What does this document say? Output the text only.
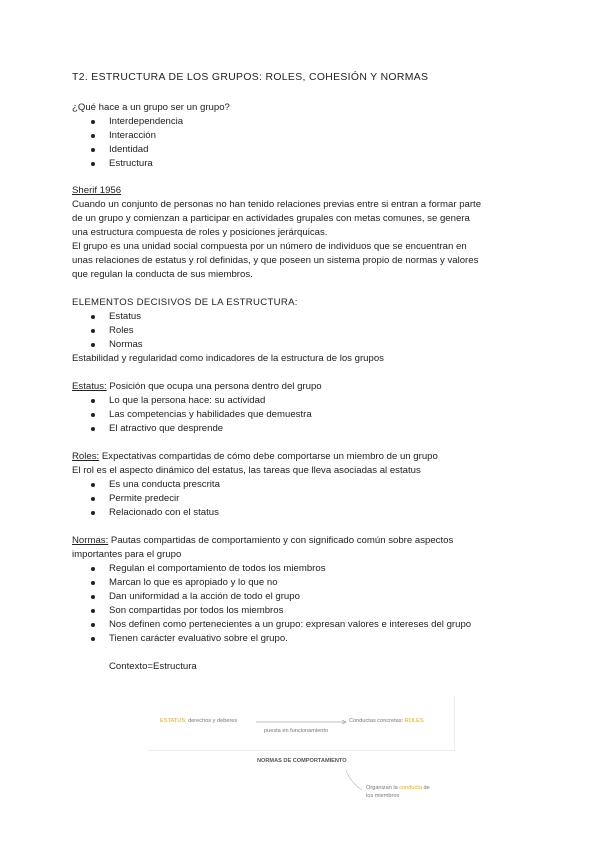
T2. ESTRUCTURA DE LOS GRUPOS: ROLES, COHESIÓN Y NORMAS
¿Qué hace a un grupo ser un grupo?
Interdependencia
Interacción
Identidad
Estructura
Sherif 1956
Cuando un conjunto de personas no han tenido relaciones previas entre si entran a formar parte
de un grupo y comienzan a participar en actividades grupales con metas comunes, se genera
una estructura compuesta de roles y posiciones jerárquicas.
El grupo es una unidad social compuesta por un número de individuos que se encuentran en
unas relaciones de estatus y rol definidas, y que poseen un sistema propio de normas y valores
que regulan la conducta de sus miembros.
ELEMENTOS DECISIVOS DE LA ESTRUCTURA:
Estatus
Roles
Normas
Estabilidad y regularidad como indicadores de la estructura de los grupos
Estatus: Posición que ocupa una persona dentro del grupo
Lo que la persona hace: su actividad
Las competencias y habilidades que demuestra
El atractivo que desprende
Roles: Expectativas compartidas de cómo debe comportarse un miembro de un grupo
El rol es el aspecto dinámico del estatus, las tareas que lleva asociadas al estatus
Es una conducta prescrita
Permite predecir
Relacionado con el status
Normas: Pautas compartidas de comportamiento y con significado común sobre aspectos
importantes para el grupo
Regulan el comportamiento de todos los miembros
Marcan lo que es apropiado y lo que no
Dan uniformidad a la acción de todo el grupo
Son compartidas por todos los miembros
Nos definen como pertenecientes a un grupo: expresan valores e intereses del grupo
Tienen carácter evaluativo sobre el grupo.
Contexto=Estructura
ESTATUS: derechos y deberes	Conductas concretas: ROLES
puesta en funcionamiento
NORMAS DE COMPORTAMIENTO
Organizan la conducta de
los miembros
